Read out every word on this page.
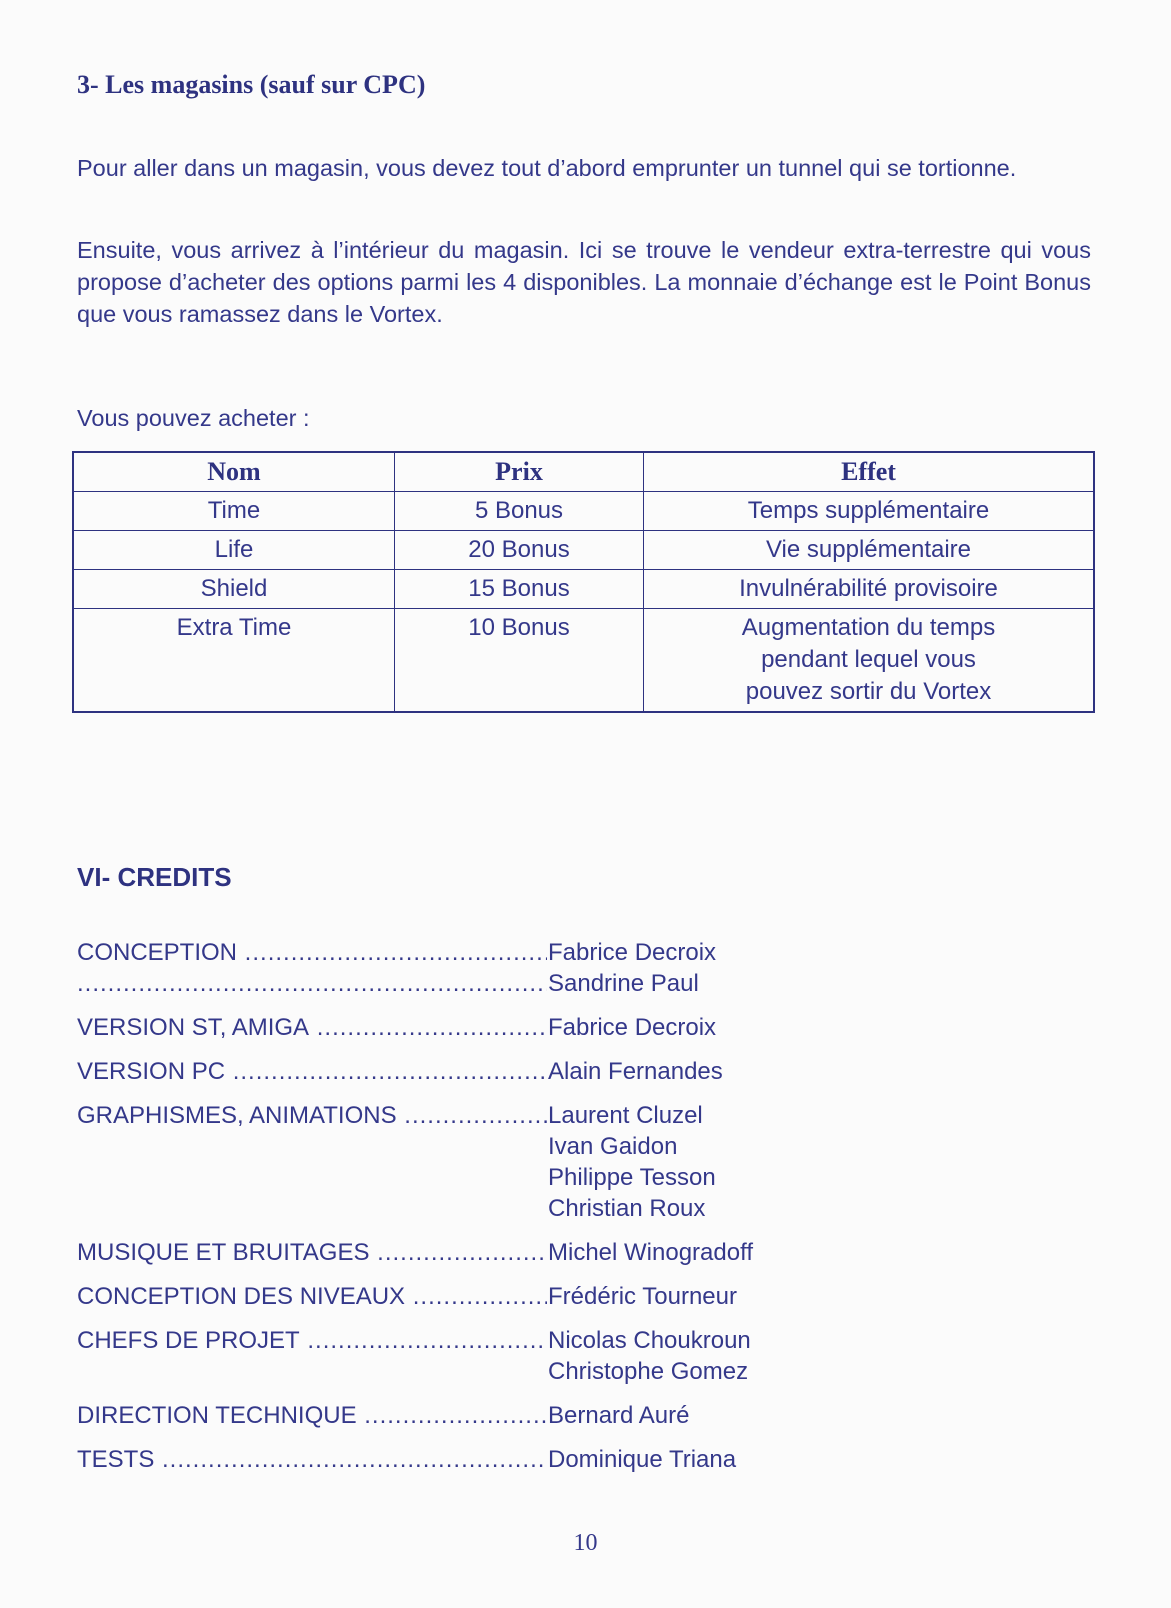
3- Les magasins (sauf sur CPC)

Pour aller dans un magasin, vous devez tout d’abord emprunter un tunnel qui se tortionne.

Ensuite, vous arrivez à l’intérieur du magasin. Ici se trouve le vendeur extra-terrestre qui vous propose d’acheter des options parmi les 4 disponibles. La monnaie d’échange est le Point Bonus que vous ramassez dans le Vortex.

Vous pouvez acheter :

Nom	Prix	Effet
Time	5 Bonus	Temps supplémentaire
Life	20 Bonus	Vie supplémentaire
Shield	15 Bonus	Invulnérabilité provisoire
Extra Time	10 Bonus	Augmentation du temps
pendant lequel vous
pouvez sortir du Vortex
VI- CREDITS
CONCEPTION .....	Fabrice Decroix
.....
Sandrine Paul
VERSION ST, AMIGA .....	Fabrice Decroix
VERSION PC .....	Alain Fernandes
GRAPHISMES, ANIMATIONS .....	Laurent Cluzel
Ivan Gaidon
Philippe Tesson
Christian Roux
MUSIQUE ET BRUITAGES .....	Michel Winogradoff
CONCEPTION DES NIVEAUX .....	Frédéric Tourneur
CHEFS DE PROJET .....	Nicolas Choukroun
Christophe Gomez
DIRECTION TECHNIQUE .....	Bernard Auré
TESTS .....	Dominique Triana
10
